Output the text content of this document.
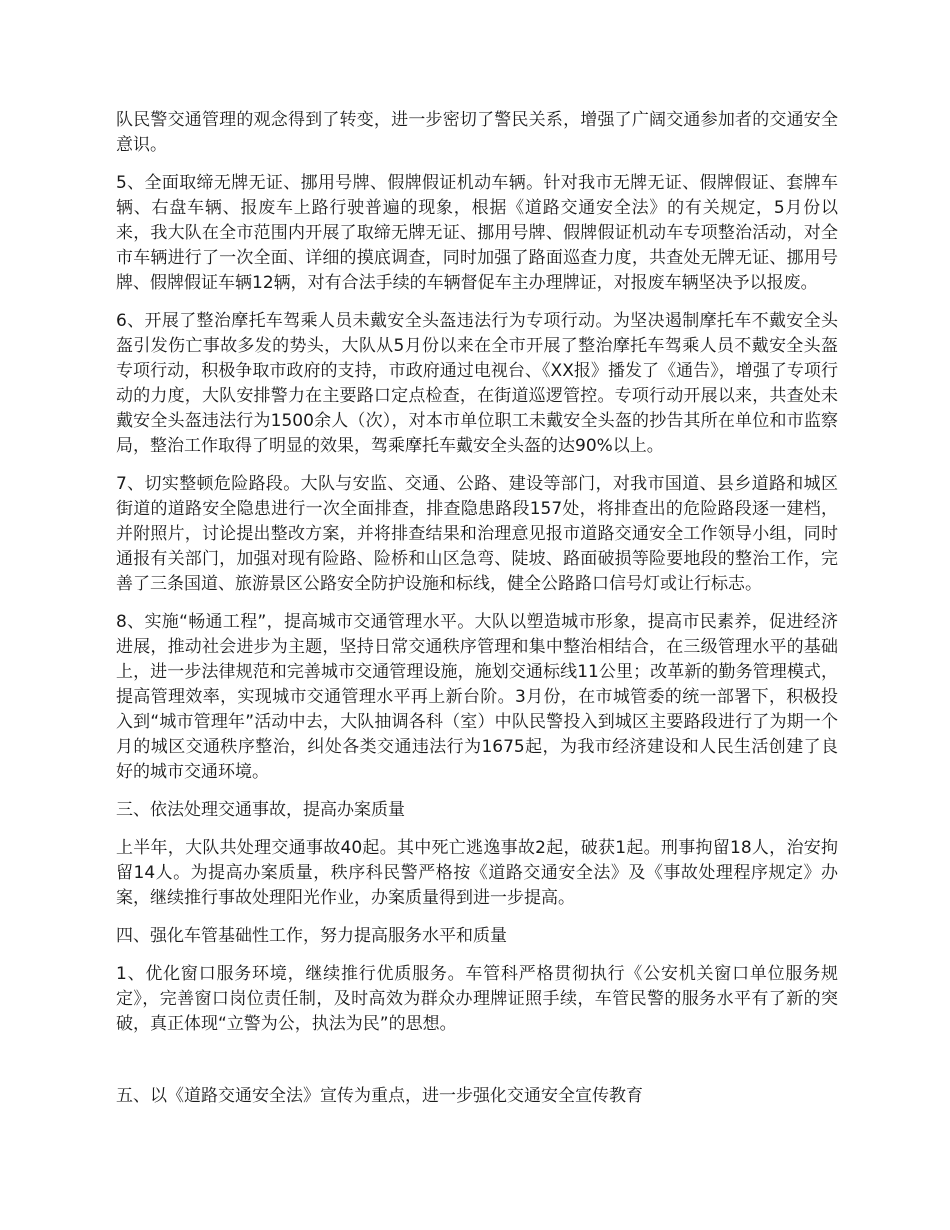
队民警交通管理的观念得到了转变，进一步密切了警民关系，增强了广阔交通参加者的交通安全意识。

5、全面取缔无牌无证、挪用号牌、假牌假证机动车辆。针对我市无牌无证、假牌假证、套牌车辆、右盘车辆、报废车上路行驶普遍的现象，根据《道路交通安全法》的有关规定，5月份以来，我大队在全市范围内开展了取缔无牌无证、挪用号牌、假牌假证机动车专项整治活动，对全市车辆进行了一次全面、详细的摸底调查，同时加强了路面巡查力度，共查处无牌无证、挪用号牌、假牌假证车辆12辆，对有合法手续的车辆督促车主办理牌证，对报废车辆坚决予以报废。

6、开展了整治摩托车驾乘人员未戴安全头盔违法行为专项行动。为坚决遏制摩托车不戴安全头盔引发伤亡事故多发的势头，大队从5月份以来在全市开展了整治摩托车驾乘人员不戴安全头盔专项行动，积极争取市政府的支持，市政府通过电视台、《XX报》播发了《通告》，增强了专项行动的力度，大队安排警力在主要路口定点检查，在街道巡逻管控。专项行动开展以来，共查处未戴安全头盔违法行为1500余人（次），对本市单位职工未戴安全头盔的抄告其所在单位和市监察局，整治工作取得了明显的效果，驾乘摩托车戴安全头盔的达90%以上。

7、切实整顿危险路段。大队与安监、交通、公路、建设等部门，对我市国道、县乡道路和城区街道的道路安全隐患进行一次全面排查，排查隐患路段157处，将排查出的危险路段逐一建档，并附照片，讨论提出整改方案，并将排查结果和治理意见报市道路交通安全工作领导小组，同时通报有关部门，加强对现有险路、险桥和山区急弯、陡坡、路面破损等险要地段的整治工作，完善了三条国道、旅游景区公路安全防护设施和标线，健全公路路口信号灯或让行标志。

8、实施“畅通工程”，提高城市交通管理水平。大队以塑造城市形象，提高市民素养，促进经济进展，推动社会进步为主题，坚持日常交通秩序管理和集中整治相结合，在三级管理水平的基础上，进一步法律规范和完善城市交通管理设施，施划交通标线11公里；改革新的勤务管理模式，提高管理效率，实现城市交通管理水平再上新台阶。3月份，在市城管委的统一部署下，积极投入到“城市管理年”活动中去，大队抽调各科（室）中队民警投入到城区主要路段进行了为期一个月的城区交通秩序整治，纠处各类交通违法行为1675起，为我市经济建设和人民生活创建了良好的城市交通环境。

三、依法处理交通事故，提高办案质量

上半年，大队共处理交通事故40起。其中死亡逃逸事故2起，破获1起。刑事拘留18人，治安拘留14人。为提高办案质量，秩序科民警严格按《道路交通安全法》及《事故处理程序规定》办案，继续推行事故处理阳光作业，办案质量得到进一步提高。

四、强化车管基础性工作，努力提高服务水平和质量

1、优化窗口服务环境，继续推行优质服务。车管科严格贯彻执行《公安机关窗口单位服务规定》，完善窗口岗位责任制，及时高效为群众办理牌证照手续，车管民警的服务水平有了新的突破，真正体现“立警为公，执法为民”的思想。

五、以《道路交通安全法》宣传为重点，进一步强化交通安全宣传教育
